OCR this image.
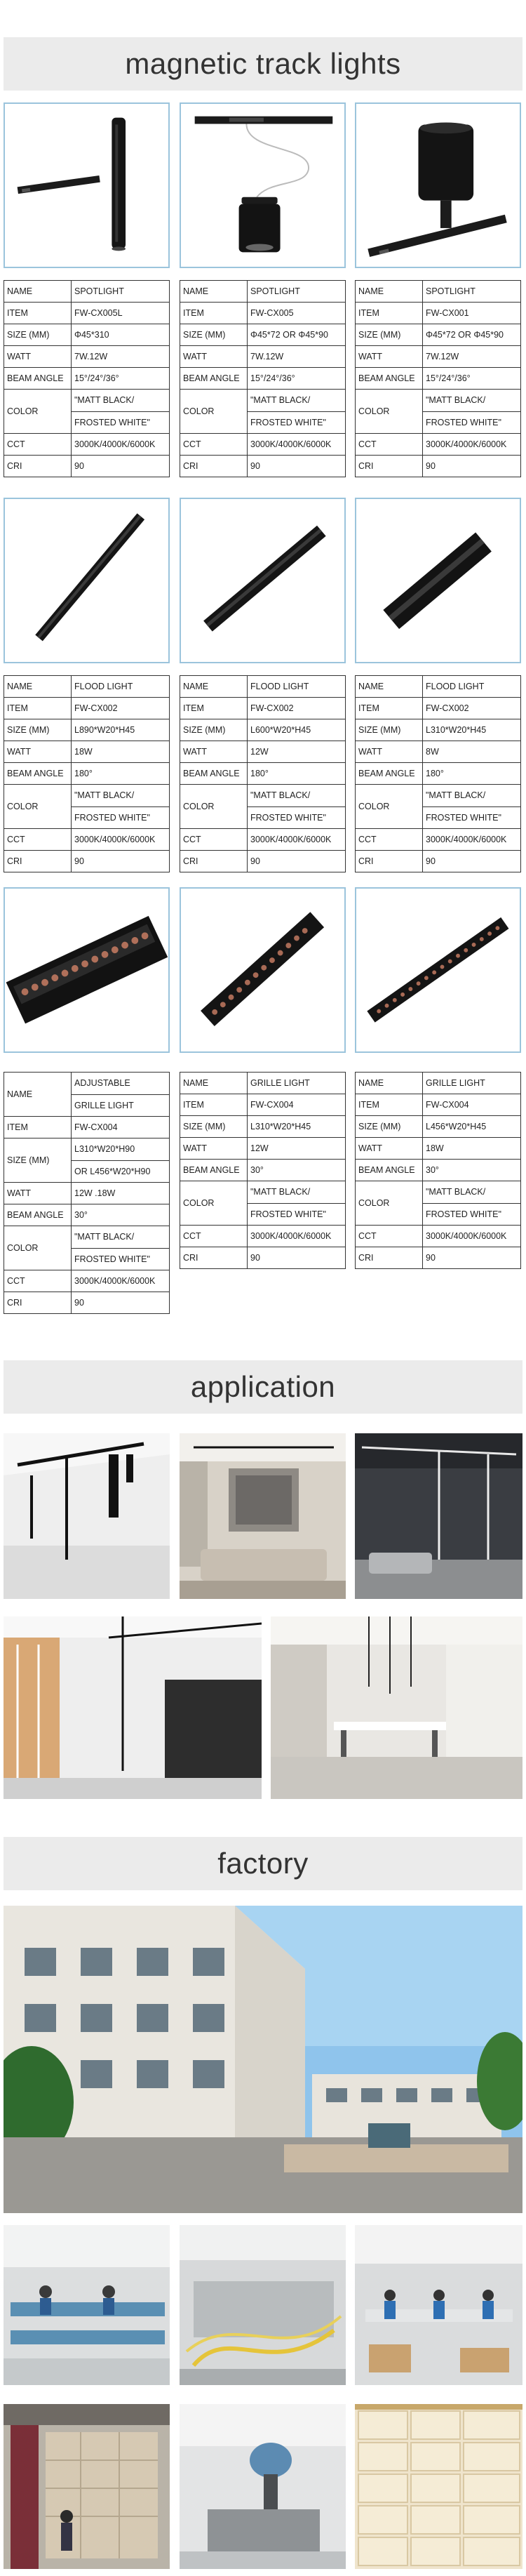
magnetic track lights
NAME	SPOTLIGHT
ITEM	FW-CX005L
SIZE (MM)	Φ45*310
WATT	7W.12W
BEAM ANGLE	15°/24°/36°
COLOR	"MATT BLACK/
FROSTED WHITE"

CCT	3000K/4000K/6000K
CRI	90
NAME	SPOTLIGHT
ITEM	FW-CX005
SIZE (MM)	Φ45*72 OR Φ45*90
WATT	7W.12W
BEAM ANGLE	15°/24°/36°
COLOR	"MATT BLACK/
FROSTED WHITE"

CCT	3000K/4000K/6000K
CRI	90
NAME	SPOTLIGHT
ITEM	FW-CX001
SIZE (MM)	Φ45*72 OR Φ45*90
WATT	7W.12W
BEAM ANGLE	15°/24°/36°
COLOR	"MATT BLACK/
FROSTED WHITE"

CCT	3000K/4000K/6000K
CRI	90
NAME	FLOOD LIGHT
ITEM	FW-CX002
SIZE (MM)	L890*W20*H45
WATT	18W
BEAM ANGLE	180°
COLOR	"MATT BLACK/
FROSTED WHITE"

CCT	3000K/4000K/6000K
CRI	90
NAME	FLOOD LIGHT
ITEM	FW-CX002
SIZE (MM)	L600*W20*H45
WATT	12W
BEAM ANGLE	180°
COLOR	"MATT BLACK/
FROSTED WHITE"

CCT	3000K/4000K/6000K
CRI	90
NAME	FLOOD LIGHT
ITEM	FW-CX002
SIZE (MM)	L310*W20*H45
WATT	8W
BEAM ANGLE	180°
COLOR	"MATT BLACK/
FROSTED WHITE"

CCT	3000K/4000K/6000K
CRI	90
NAME	ADJUSTABLE
GRILLE LIGHT

ITEM	FW-CX004
SIZE (MM)	L310*W20*H90
OR L456*W20*H90

WATT	12W .18W
BEAM ANGLE	30°
COLOR	"MATT BLACK/
FROSTED WHITE"

CCT	3000K/4000K/6000K
CRI	90
NAME	GRILLE LIGHT
ITEM	FW-CX004
SIZE (MM)	L310*W20*H45
WATT	12W
BEAM ANGLE	30°
COLOR	"MATT BLACK/
FROSTED WHITE"

CCT	3000K/4000K/6000K
CRI	90
NAME	GRILLE LIGHT
ITEM	FW-CX004
SIZE (MM)	L456*W20*H45
WATT	18W
BEAM ANGLE	30°
COLOR	"MATT BLACK/
FROSTED WHITE"

CCT	3000K/4000K/6000K
CRI	90
application
factory
